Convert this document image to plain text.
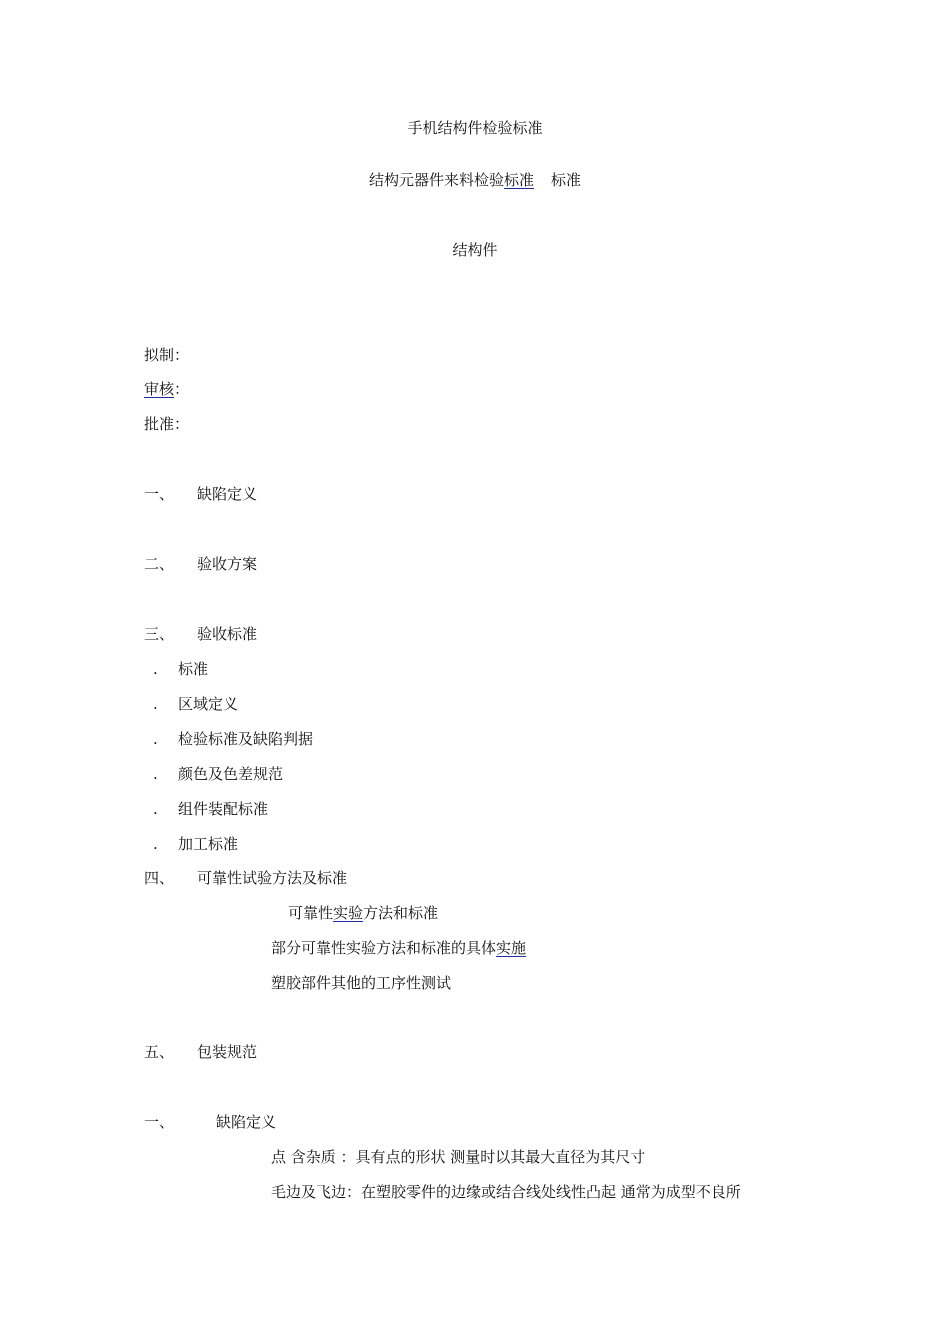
手机结构件检验标准
结构元器件来料检验标准 标准
结构件
拟制：
审核：
批准：
一、 缺陷定义
二、 验收方案
三、 验收标准
. 标准
. 区域定义
. 检验标准及缺陷判据
. 颜色及色差规范
. 组件装配标准
. 加工标准
四、 可靠性试验方法及标准
可靠性实验方法和标准
部分可靠性实验方法和标准的具体实施
塑胶部件其他的工序性测试
五、 包装规范
一、	缺陷定义
点 含杂质 ：具有点的形状 测量时以其最大直径为其尺寸
毛边及飞边：在塑胶零件的边缘或结合线处线性凸起 通常为成型不良所
